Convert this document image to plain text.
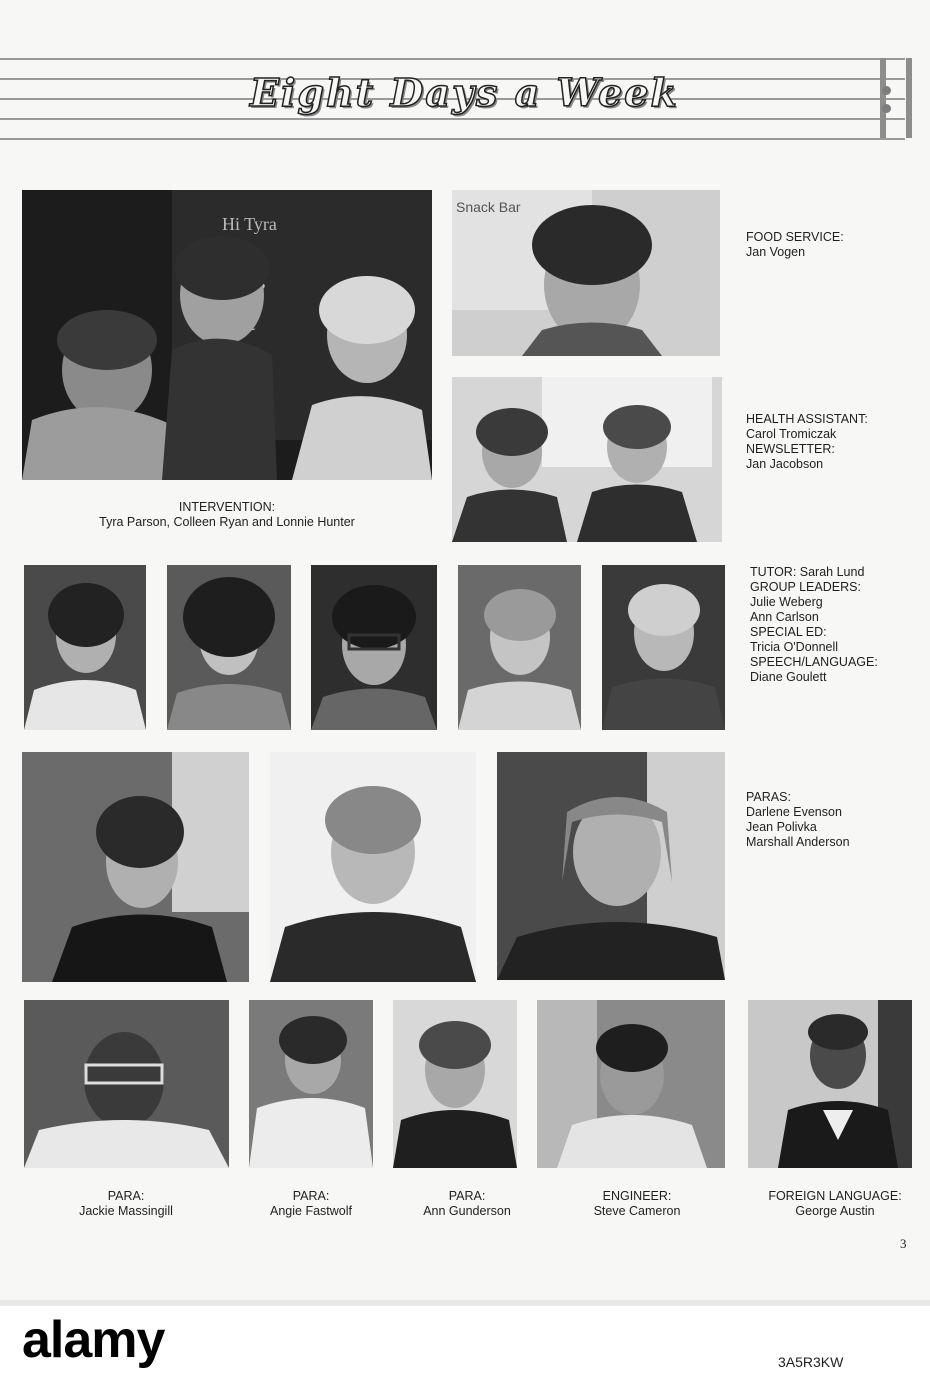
Eight Days a Week
Hi Tyra
INTERVENTION:
Tyra Parson, Colleen Ryan and Lonnie Hunter
Snack Bar
FOOD SERVICE:
Jan Vogen
HEALTH ASSISTANT:
Carol Tromiczak
NEWSLETTER:
Jan Jacobson
TUTOR: Sarah Lund
GROUP LEADERS:
Julie Weberg
Ann Carlson
SPECIAL ED:
Tricia O'Donnell
SPEECH/LANGUAGE:
Diane Goulett
PARAS:
Darlene Evenson
Jean Polivka
Marshall Anderson
PARA:
Jackie Massingill
PARA:
Angie Fastwolf
PARA:
Ann Gunderson
ENGINEER:
Steve Cameron
FOREIGN LANGUAGE:
George Austin
3
alamy	3A5R3KW
